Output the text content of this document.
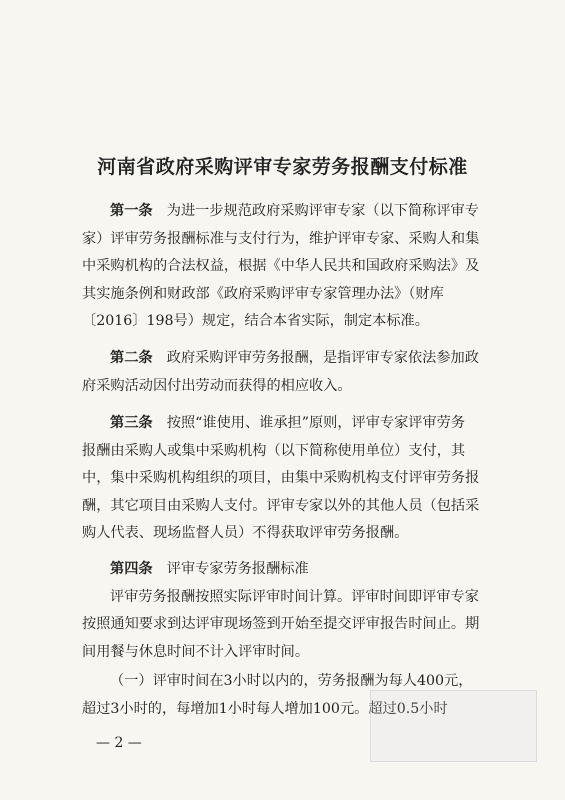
河南省政府采购评审专家劳务报酬支付标准
第一条　 为进一步规范政府采购评审专家（以下简称评审专
家）评审劳务报酬标准与支付行为，维护评审专家、采购人和集
中采购机构的合法权益，根据《中华人民共和国政府采购法》及
其实施条例和财政部《政府采购评审专家管理办法》（财库
〔2016〕198号）规定，结合本省实际，制定本标准。
第二条　 政府采购评审劳务报酬，是指评审专家依法参加政
府采购活动因付出劳动而获得的相应收入。
第三条　 按照“谁使用、谁承担”原则，评审专家评审劳务
报酬由采购人或集中采购机构（以下简称使用单位）支付，其
中，集中采购机构组织的项目，由集中采购机构支付评审劳务报
酬，其它项目由采购人支付。评审专家以外的其他人员（包括采
购人代表、现场监督人员）不得获取评审劳务报酬。
第四条　 评审专家劳务报酬标准
评审劳务报酬按照实际评审时间计算。评审时间即评审专家
按照通知要求到达评审现场签到开始至提交评审报告时间止。期
间用餐与休息时间不计入评审时间。
（一）评审时间在3小时以内的，劳务报酬为每人400元，
超过3小时的，每增加1小时每人增加100元。超过0.5小时
— 2 —
